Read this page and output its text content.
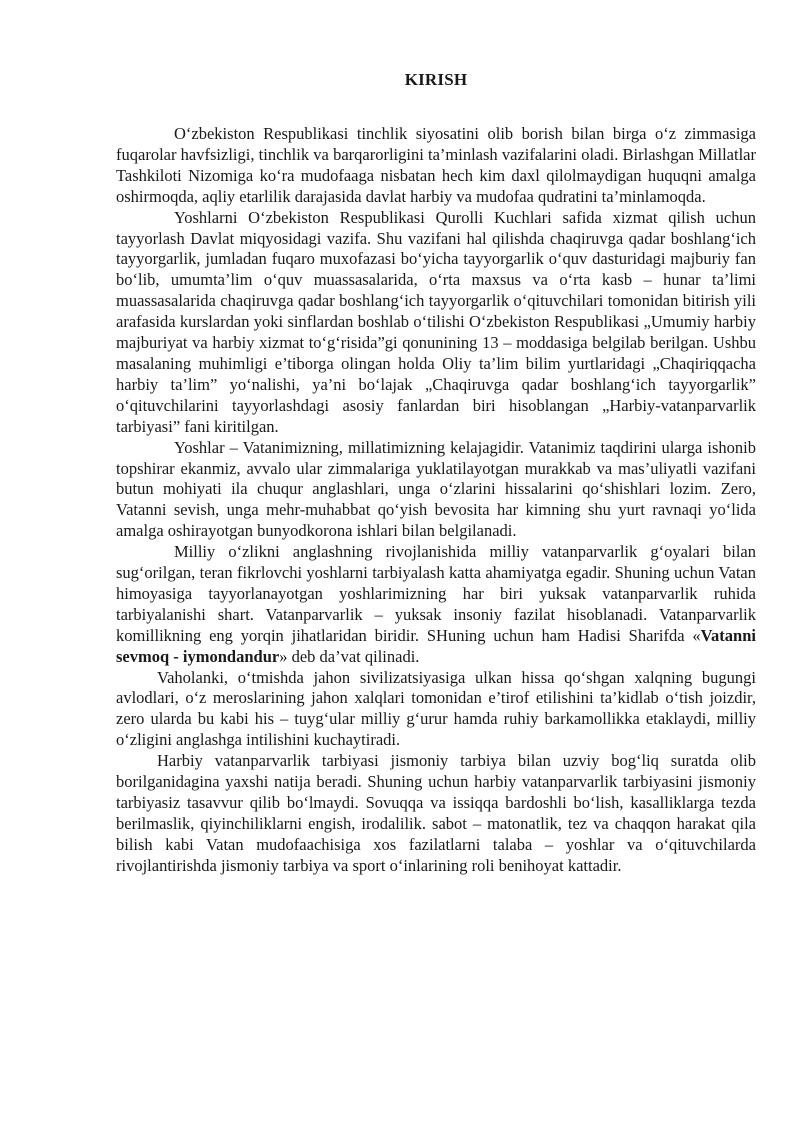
KIRISH

O‘zbekiston Respublikasi tinchlik siyosatini olib borish bilan birga o‘z zimmasiga fuqarolar havfsizligi, tinchlik va barqarorligini ta’minlash vazifalarini oladi. Birlashgan Millatlar Tashkiloti Nizomiga ko‘ra mudofaaga nisbatan hech kim daxl qilolmaydigan huquqni amalga oshirmoqda, aqliy etarlilik darajasida davlat harbiy va mudofaa qudratini ta’minlamoqda.

Yoshlarni O‘zbekiston Respublikasi Qurolli Kuchlari safida xizmat qilish uchun tayyorlash Davlat miqyosidagi vazifa. Shu vazifani hal qilishda chaqiruvga qadar boshlang‘ich tayyorgarlik, jumladan fuqaro muxofazasi bo‘yicha tayyorgarlik o‘quv dasturidagi majburiy fan bo‘lib, umumta’lim o‘quv muassasalarida, o‘rta maxsus va o‘rta kasb – hunar ta’limi muassasalarida chaqiruvga qadar boshlang‘ich tayyorgarlik o‘qituvchilari tomonidan bitirish yili arafasida kurslardan yoki sinflardan boshlab o‘tilishi O‘zbekiston Respublikasi „Umumiy harbiy majburiyat va harbiy xizmat to‘g‘risida”gi qonunining 13 – moddasiga belgilab berilgan. Ushbu masalaning muhimligi e’tiborga olingan holda Oliy ta’lim bilim yurtlaridagi „Chaqiriqqacha harbiy ta’lim” yo‘nalishi, ya’ni bo‘lajak „Chaqiruvga qadar boshlang‘ich tayyorgarlik” o‘qituvchilarini tayyorlashdagi asosiy fanlardan biri hisoblangan „Harbiy-vatanparvarlik tarbiyasi” fani kiritilgan.

Yoshlar – Vatanimizning, millatimizning kelajagidir. Vatanimiz taqdirini ularga ishonib topshirar ekanmiz, avvalo ular zimmalariga yuklatilayotgan murakkab va mas’uliyatli vazifani butun mohiyati ila chuqur anglashlari, unga o‘zlarini hissalarini qo‘shishlari lozim. Zero, Vatanni sevish, unga mehr-muhabbat qo‘yish bevosita har kimning shu yurt ravnaqi yo‘lida amalga oshirayotgan bunyodkorona ishlari bilan belgilanadi.

Milliy o‘zlikni anglashning rivojlanishida milliy vatanparvarlik g‘oyalari bilan sug‘orilgan, teran fikrlovchi yoshlarni tarbiyalash katta ahamiyatga egadir. Shuning uchun Vatan himoyasiga tayyorlanayotgan yoshlarimizning har biri yuksak vatanparvarlik ruhida tarbiyalanishi shart. Vatanparvarlik – yuksak insoniy fazilat hisoblanadi. Vatanparvarlik komillikning eng yorqin jihatlaridan biridir. SHuning uchun ham Hadisi Sharifda «Vatanni sevmoq - iymondandur» deb da’vat qilinadi.

Vaholanki, o‘tmishda jahon sivilizatsiyasiga ulkan hissa qo‘shgan xalqning bugungi avlodlari, o‘z meroslarining jahon xalqlari tomonidan e’tirof etilishini ta’kidlab o‘tish joizdir, zero ularda bu kabi his – tuyg‘ular milliy g‘urur hamda ruhiy barkamollikka etaklaydi, milliy o‘zligini anglashga intilishini kuchaytiradi.

Harbiy vatanparvarlik tarbiyasi jismoniy tarbiya bilan uzviy bog‘liq suratda olib borilganidagina yaxshi natija beradi. Shuning uchun harbiy vatanparvarlik tarbiyasini jismoniy tarbiyasiz tasavvur qilib bo‘lmaydi. Sovuqqa va issiqqa bardoshli bo‘lish, kasalliklarga tezda berilmaslik, qiyinchiliklarni engish, irodalilik. sabot – matonatlik, tez va chaqqon harakat qila bilish kabi Vatan mudofaachisiga xos fazilatlarni talaba – yoshlar va o‘qituvchilarda rivojlantirishda jismoniy tarbiya va sport o‘inlarining roli benihoyat kattadir.
